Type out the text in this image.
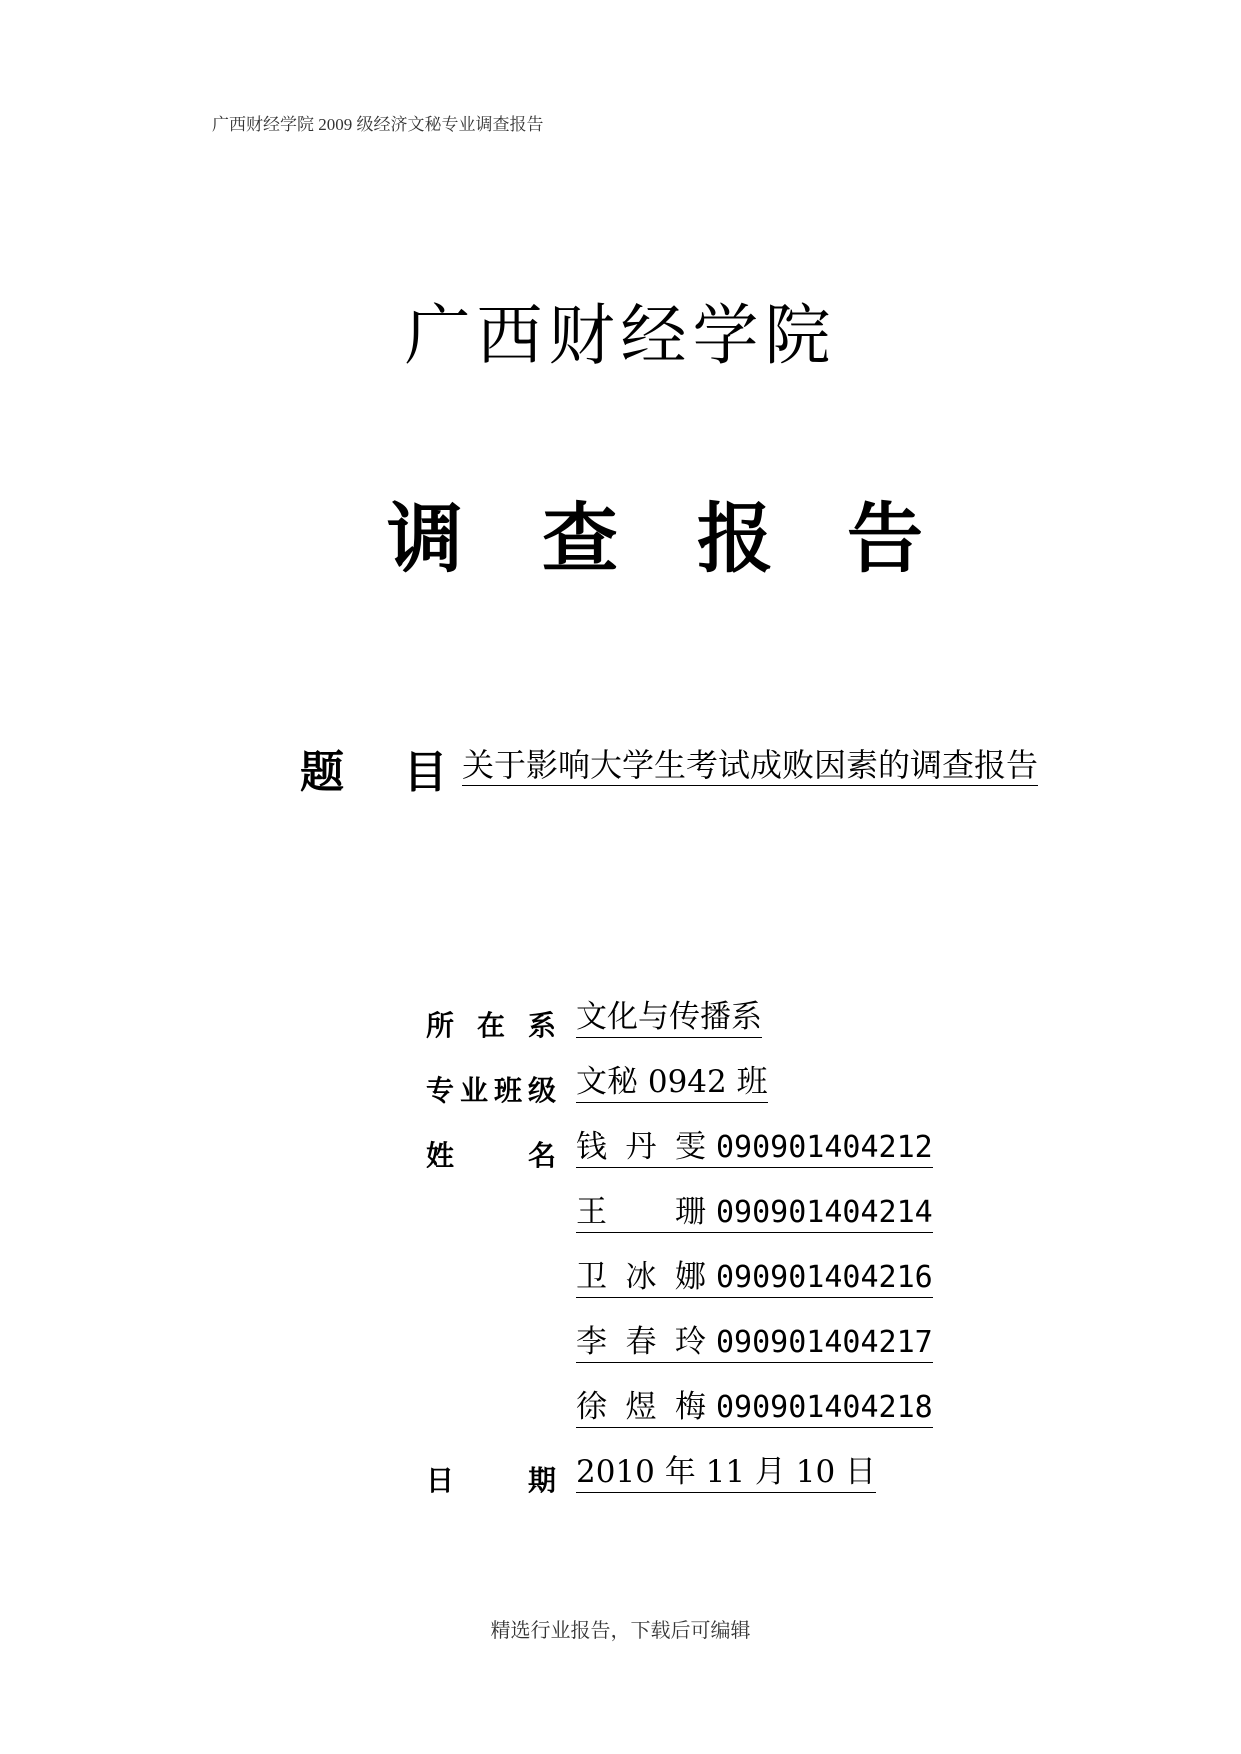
广西财经学院 2009 级经济文秘专业调查报告
广西财经学院
调 查 报 告
题 目
关于影响大学生考试成败因素的调查报告
所 在 系 文化与传播系
专 业 班 级 文秘 0942 班
姓	名 钱丹雯 090901404212
王　珊 090901404214
卫冰娜 090901404216
李春玲 090901404217
徐煜梅 090901404218
日	期 2010 年 11 月 10 日
精选行业报告，下载后可编辑
